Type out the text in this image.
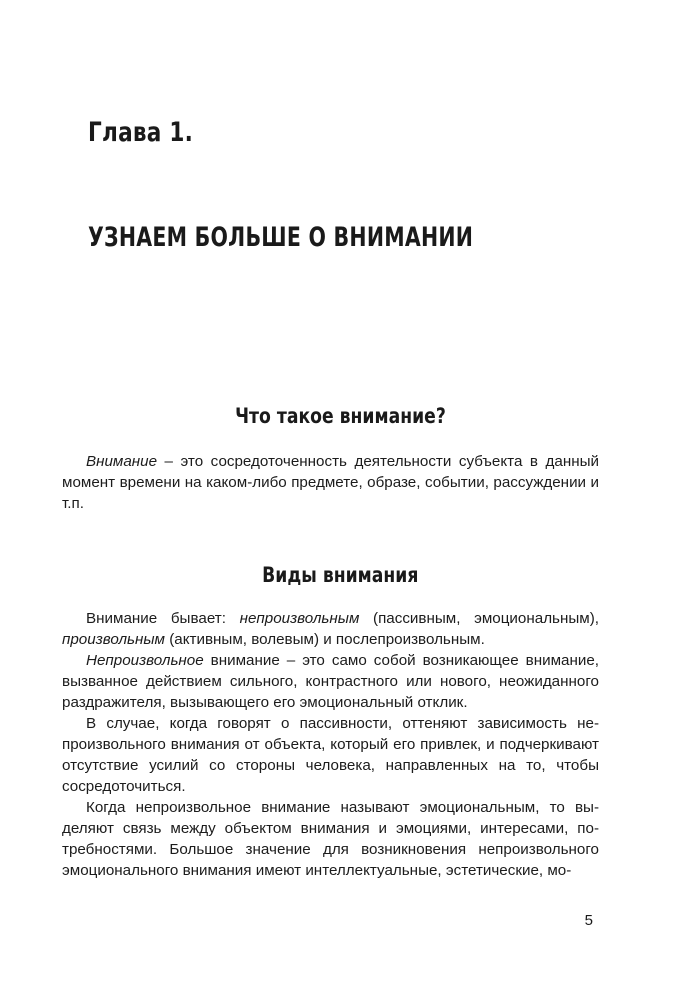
Глава 1.
УЗНАЕМ БОЛЬШЕ О ВНИМАНИИ
Что такое внимание?

Внимание – это сосредоточенность деятельности субъекта в данный момент времени на каком-либо предмете, образе, событии, рассуждении и т.п.

Виды внимания

Внимание бывает: непроизвольным (пассивным, эмоциональным), произвольным (активным, волевым) и послепроизвольным.

Непроизвольное внимание – это само собой возникающее внимание, вызванное действием сильного, контрастного или нового, неожиданного раздражителя, вызывающего его эмоциональный отклик.

В случае, когда говорят о пассивности, оттеняют зависимость непроизвольного внимания от объекта, который его привлек, и подчеркивают отсутствие усилий со стороны человека, направленных на то, чтобы сосредоточиться.

Когда непроизвольное внимание называют эмоциональным, то выделяют связь между объектом внимания и эмоциями, интересами, потребностями. Большое значение для возникновения непроизвольного эмоционального внимания имеют интеллектуальные, эстетические, мо-

5
